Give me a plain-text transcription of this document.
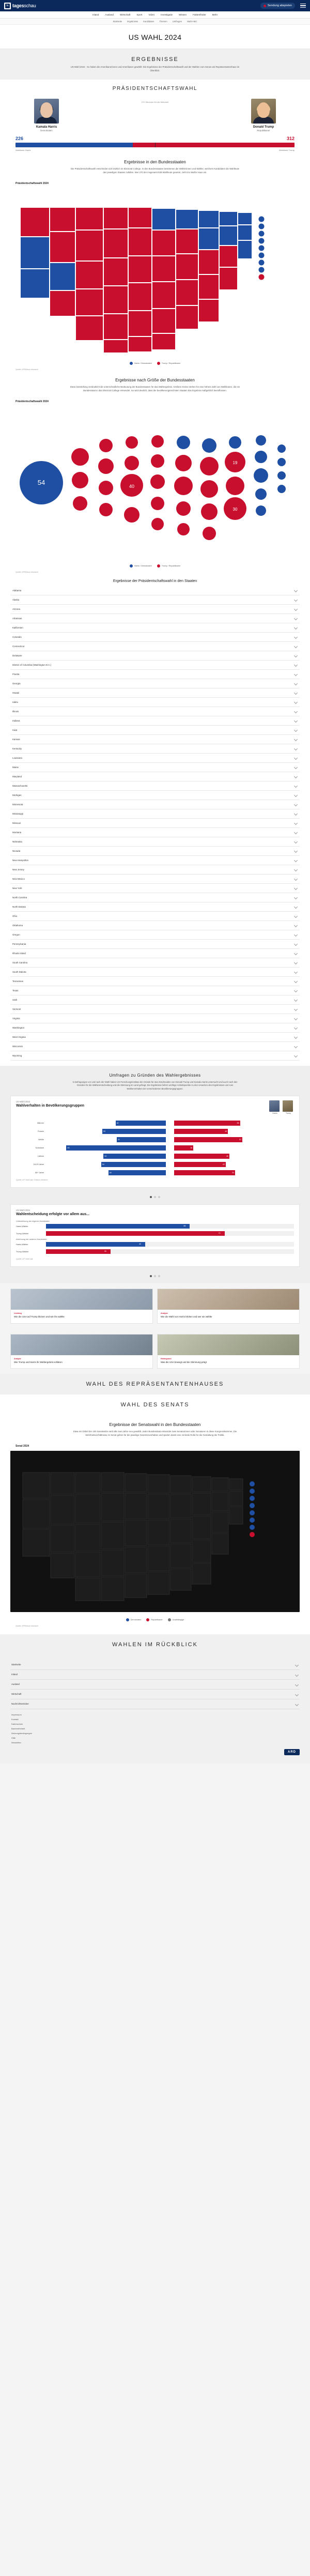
ts tagesschau	Sendung abspielen
Inland	Ausland	Wirtschaft	Sport	Video	Investigativ	Wissen	Faktenfinder	Mehr
Startseite Ergebnisse Kandidaten Themen Umfragen Wahl-ABC
US WAHL 2024
ERGEBNISSE

US-Wahl 2024 - So haben die Amerikanerinnen und Amerikaner gewählt: Die Ergebnisse der Präsidentschaftswahl und der Wahlen zum Senat und Repräsentantenhaus im Überblick.

PRÄSIDENTSCHAFTSWAHL
Kamala Harris
Demokraten
270 Stimmen für die Mehrheit
Donald Trump
Republikaner
226	312
Wahlleute Harris	Wahlleute Trump
Ergebnisse in den Bundesstaaten

Die Präsidentschaftswahl entscheidet sich letztlich im Electoral College. In den Bundesstaaten bestimmen die Wählerinnen und Wähler, welchem Kandidaten die Wahlleute des jeweiligen Staates zufallen. Wer 270 der insgesamt 538 Wahlleute gewinnt, zieht ins Weiße Haus ein.

Präsidentschaftswahl 2024
Harris / Demokraten	Trump / Republikaner
Quelle: AP/Edison research
Ergebnisse nach Größe der Bundesstaaten

Diese Darstellung verdeutlicht die unterschiedliche Bedeutung der Bundesstaaten für das Wahlergebnis. Größere Kreise stehen für eine höhere Zahl von Wahlleuten, die ein Bundesstaat in das Electoral College entsendet. So wird deutlich, dass die bevölkerungsreichsten Staaten das Ergebnis maßgeblich beeinflussen.

Präsidentschaftswahl 2024
54	40
19
30
Harris / Demokraten	Trump / Republikaner
Quelle: AP/Edison research
Ergebnisse der Präsidentschaftswahl in den Staaten
Alabama
Alaska
Arizona
Arkansas
Kalifornien
Colorado
Connecticut
Delaware
District of Columbia (Washington D.C.)
Florida
Georgia
Hawaii
Idaho
Illinois
Indiana
Iowa
Kansas
Kentucky
Louisiana
Maine
Maryland
Massachusetts
Michigan
Minnesota
Mississippi
Missouri
Montana
Nebraska
Nevada
New Hampshire
New Jersey
New Mexico
New York
North Carolina
North Dakota
Ohio
Oklahoma
Oregon
Pennsylvania
Rhode Island
South Carolina
South Dakota
Tennessee
Texas
Utah
Vermont
Virginia
Washington
West Virginia
Wisconsin
Wyoming
Umfragen zu Gründen des Wahlergebnisses

In Befragungen vor und nach der Wahl haben US-Forschungsinstitute die Gründe für das Abschneiden von Donald Trump und Kamala Harris untersucht und auch nach den Gründen für die Wählerentscheidung und die Stimmung im Land gefragt. Die Ergebnisse liefern wichtige Anhaltspunkte zu den Ursachen des Ergebnisses und zum Wählerverhalten der verschiedenen Bevölkerungsgruppen.

US-Wahl 2024
Wahlverhalten in Bevölkerungsgruppen
Harris	Trump
Männer	42	55
Frauen	53	45
Weiße	41	57
Schwarze	83	16
Latinos	52	46
18-29 Jahre	54	43
65+ Jahre	48	51
Quelle: AP VoteCast / Edison research
US-Wahl 2024
Wahlentscheidung erfolgte vor allem aus...
Unterstützung der eigenen Kandidatin/
Harris-Wähler	58
Trump-Wähler	72
Ablehnung der anderen Kandidatin/
Harris-Wähler	40
Trump-Wähler	26
Quelle: AP VoteCast
Liveblog
Wie die USA auf Trump blicken und wie ihn wählte
Analyse
Wie die Wahl von Harris blicken und wer sie wählte
Analyse
Wie Trump und Harris ihr Wahlergebnis erklären
Hintergrund
Was die USA bewegt und die Stimmung prägt
WAHL DES REPRÄSENTANTENHAUSES
WAHL DES SENATS
Ergebnisse der Senatswahl in den Bundesstaaten

Etwa ein Drittel der 100 Senatssitze wird alle zwei Jahre neu gewählt. Jeder Bundesstaat entsendet zwei Senatorinnen oder Senatoren in diese Kongresskammer. Die Mehrheitsverhältnisse im Senat gelten für die jeweilige Gesetzesvorhaben und spielen damit eine zentrale Rolle für die Gestaltung der Politik.

Senat 2024
Demokraten	Republikaner	Unabhängige
Quelle: AP/Edison research
WAHLEN IM RÜCKBLICK
Startseite
Inland
Ausland
Wirtschaft
Nachrichtenticker
Impressum
Kontakt
Datenschutz
Barrierefreiheit
Nutzungsbedingungen
Hilfe
Newsletter
ARD
